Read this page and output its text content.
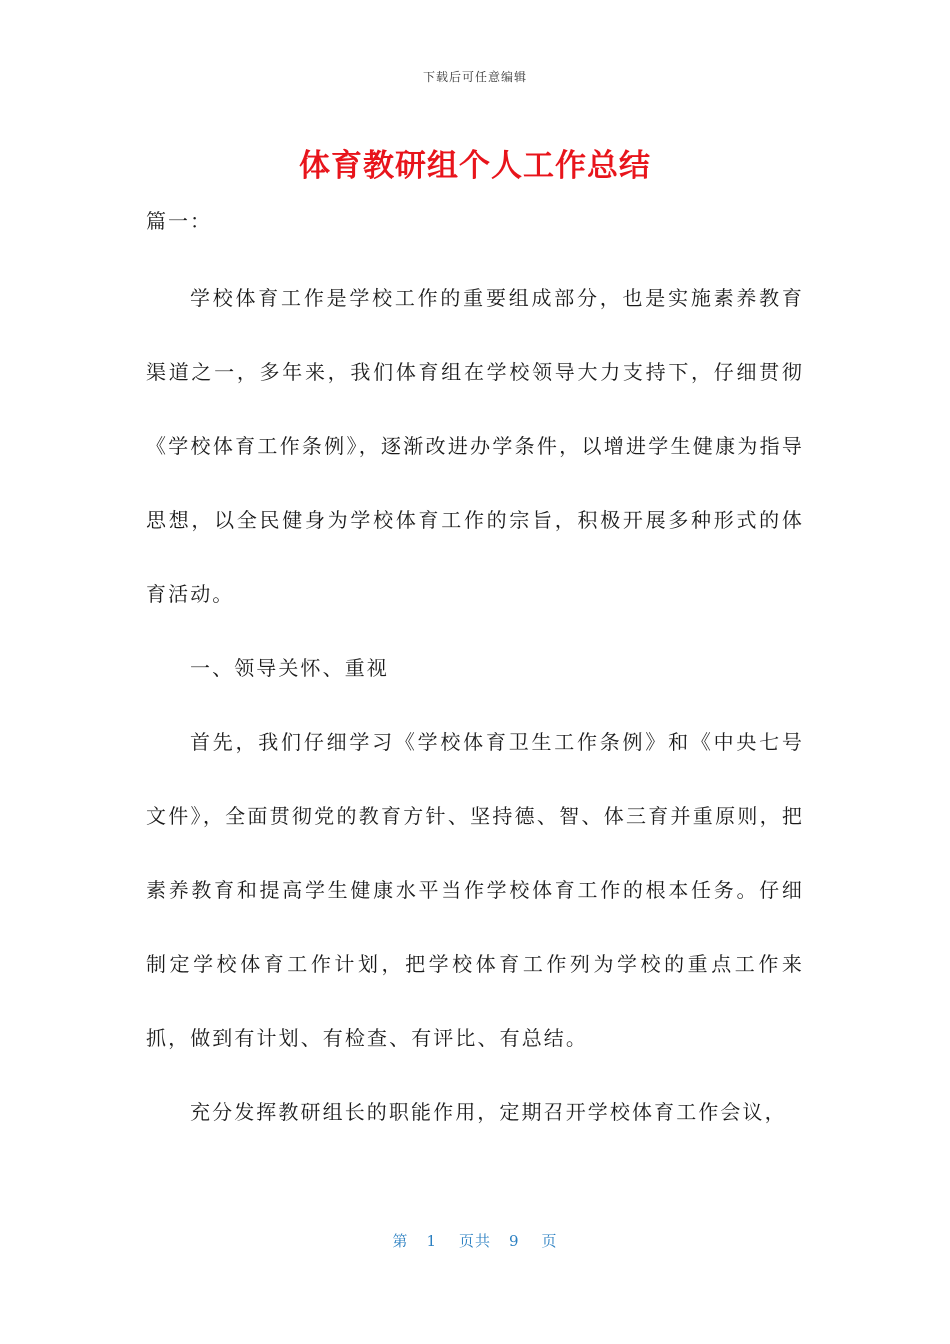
下载后可任意编辑
体育教研组个人工作总结
篇一：

学校体育工作是学校工作的重要组成部分，也是实施素养教育渠道之一，多年来，我们体育组在学校领导大力支持下，仔细贯彻《学校体育工作条例》，逐渐改进办学条件，以增进学生健康为指导思想，以全民健身为学校体育工作的宗旨，积极开展多种形式的体育活动。

一、领导关怀、重视

首先，我们仔细学习《学校体育卫生工作条例》和《中央七号文件》，全面贯彻党的教育方针、坚持德、智、体三育并重原则，把素养教育和提高学生健康水平当作学校体育工作的根本任务。仔细制定学校体育工作计划，把学校体育工作列为学校的重点工作来抓，做到有计划、有检查、有评比、有总结。

充分发挥教研组长的职能作用，定期召开学校体育工作会议，

第 1 页共 9 页
